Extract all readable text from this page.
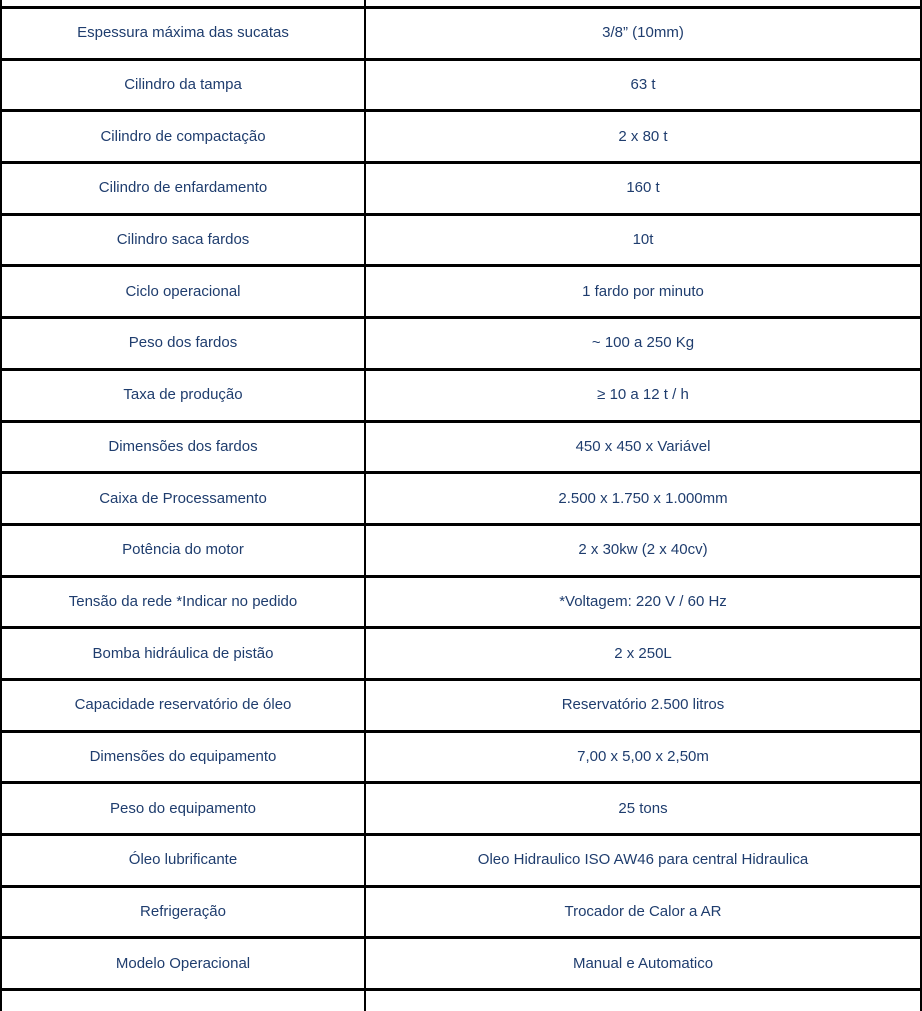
Espessura máxima das sucatas	3/8” (10mm)
Cilindro da tampa	63 t
Cilindro de compactação	2 x 80 t
Cilindro de enfardamento	160 t
Cilindro saca fardos	10t
Ciclo operacional	1 fardo por minuto
Peso dos fardos	~ 100 a 250 Kg
Taxa de produção	≥ 10 a 12 t / h
Dimensões dos fardos	450 x 450 x Variável
Caixa de Processamento	2.500 x 1.750 x 1.000mm
Potência do motor	2 x 30kw (2 x 40cv)
Tensão da rede *Indicar no pedido	*Voltagem: 220 V / 60 Hz
Bomba hidráulica de pistão	2 x 250L
Capacidade reservatório de óleo	Reservatório 2.500 litros
Dimensões do equipamento	7,00 x 5,00 x 2,50m
Peso do equipamento	25 tons
Óleo lubrificante	Oleo Hidraulico ISO AW46 para central Hidraulica
Refrigeração	Trocador de Calor a AR
Modelo Operacional	Manual e Automatico
